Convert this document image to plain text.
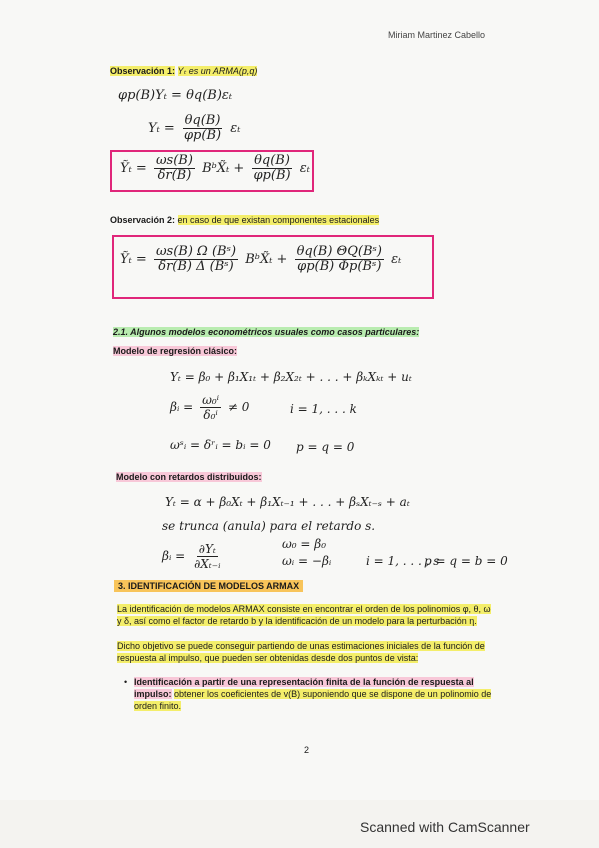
Miriam Martinez Cabello
Observación 1: Yₜ es un ARMA(p,q)
φp(B)Yₜ = θq(B)εₜ
$Y_t = \frac{\theta q(B)}{\varphi p(B)}$ εₜ
Ỹₜ = $\frac{\omega s(B)}{\delta r(B)}$ BᵇX̃ₜ + $\frac{\theta q(B)}{\varphi p(B)}$ εₜ
Observación 2: en caso de que existan componentes estacionales
Ỹₜ = $\frac{\text{ωs(B) Ω (Bˢ)}}{\text{δr(B) Δ (Bˢ)}}$ BᵇX̃ₜ + $\frac{\text{θq(B) ΘQ(Bˢ)}}{\text{φp(B) Φp(Bˢ)}}$ εₜ
2.1. Algunos modelos econométricos usuales como casos particulares:
Modelo de regresión clásico:
Yₜ = β₀ + β₁X₁ₜ + β₂X₂ₜ + . . . + βₖXₖₜ + uₜ
βᵢ = $\frac{\text{ω₀ⁱ}}{\text{δ₀ⁱ}} \ne 0$	i = 1, . . . k
ωˢᵢ = δʳᵢ = bᵢ = 0 p = q = 0
Modelo con retardos distribuidos:
Yₜ = α + β₀Xₜ + β₁Xₜ₋₁ + . . . + βₛXₜ₋ₛ + aₜ
se trunca (anula) para el retardo s.
βᵢ = $\frac{\text{∂Yₜ}}{\text{∂Xₜ₋ᵢ}}$	ω₀ = β₀
ωᵢ = −βᵢ	i = 1, . . . , s
p = q = b = 0
3. IDENTIFICACIÓN DE MODELOS ARMAX
La identificación de modelos ARMAX consiste en encontrar el orden de los polinomios φ, θ, ω y δ, así como el factor de retardo b y la identificación de un modelo para la perturbación η.
Dicho objetivo se puede conseguir partiendo de unas estimaciones iniciales de la función de respuesta al impulso, que pueden ser obtenidas desde dos puntos de vista:
• Identificación a partir de una representación finita de la función de respuesta al impulso: obtener los coeficientes de v(B) suponiendo que se dispone de un polinomio de orden finito.
2
Scanned with CamScanner
